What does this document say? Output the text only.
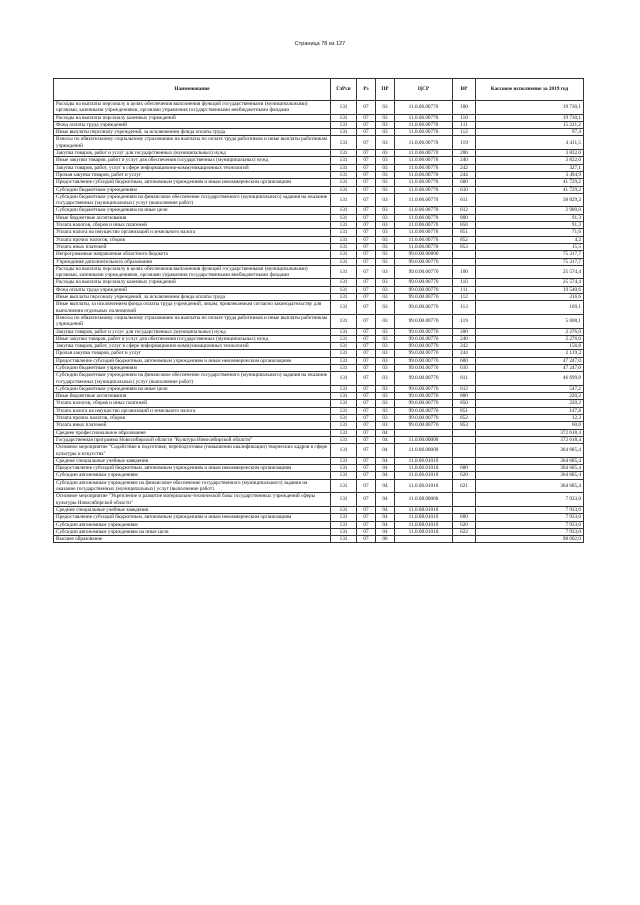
Страница 78 из 127
Наименование	ГлРсп	Рз	ПР	ЦСР	ВР	Кассовое исполнение за 2019 год
Расходы на выплаты персоналу в целях обеспечения выполнения функций государственными (муниципальными) органами, казенными учреждениями, органами управления государственными внебюджетными фондами	131	07	03	11.0.06.00770	100	19 730,1
Расходы на выплаты персоналу казенных учреждений	131	07	03	11.0.06.00770	110	19 730,1
Фонд оплаты труда учреждений	131	07	03	11.0.06.00770	111	15 221,2
Иные выплаты персоналу учреждений, за исключением фонда оплаты труда	131	07	03	11.0.06.00770	112	97,4
Взносы по обязательному социальному страхованию на выплаты по оплате труда работников и иные выплаты работникам учреждений	131	07	03	11.0.06.00770	119	4 411,5
Закупка товаров, работ и услуг для государственных (муниципальных) нужд	131	07	03	11.0.06.00770	200	3 822,0
Иные закупки товаров, работ и услуг для обеспечения государственных (муниципальных) нужд	131	07	03	11.0.06.00770	240	3 822,0
Закупка товаров, работ, услуг в сфере информационно-коммуникационных технологий	131	07	03	11.0.06.00770	242	327,1
Прочая закупка товаров, работ и услуг	131	07	03	11.0.06.00770	244	3 494,9
Предоставление субсидий бюджетным, автономным учреждениям и иным некоммерческим организациям	131	07	03	11.0.06.00770	600	41 729,2
Субсидии бюджетным учреждениям	131	07	03	11.0.06.00770	610	41 729,2
Субсидии бюджетным учреждениям на финансовое обеспечение государственного (муниципального) задания на оказание государственных (муниципальных) услуг (выполнение работ)	131	07	03	11.0.06.00770	611	38 829,2
Субсидии бюджетным учреждениям на иные цели	131	07	03	11.0.06.00770	612	2 900,0
Иные бюджетные ассигнования	131	07	03	11.0.06.00770	800	91,3
Уплата налогов, сборов и иных платежей	131	07	03	11.0.06.00770	850	91,3
Уплата налога на имущество организаций и земельного налога	131	07	03	11.0.06.00770	851	71,6
Уплата прочих налогов, сборов	131	07	03	11.0.06.00770	852	4,2
Уплата иных платежей	131	07	03	11.0.06.00770	853	15,5
Непрограммные направления областного бюджета	131	07	03	99.0.00.00000		75 317,7
Учреждения дополнительного образования	131	07	03	99.0.00.00770		75 317,7
Расходы на выплаты персоналу в целях обеспечения выполнения функций государственными (муниципальными) органами, казенными учреждениями, органами управления государственными внебюджетными фондами	131	07	03	99.0.00.00770	100	25 574,4
Расходы на выплаты персоналу казенных учреждений	131	07	03	99.0.00.00770	110	25 574,4
Фонд оплаты труда учреждений	131	07	03	99.0.00.00770	111	19 540,6
Иные выплаты персоналу учреждений, за исключением фонда оплаты труда	131	07	03	99.0.00.00770	112	316,6
Иные выплаты, за исключением фонда оплаты труда учреждений, лицам, привлекаемым согласно законодательству для выполнения отдельных полномочий	131	07	03	99.0.00.00770	113	109,1
Взносы по обязательному социальному страхованию на выплаты по оплате труда работников и иные выплаты работникам учреждений	131	07	03	99.0.00.00770	119	5 608,1
Закупка товаров, работ и услуг для государственных (муниципальных) нужд	131	07	03	99.0.00.00770	200	2 276,0
Иные закупки товаров, работ и услуг для обеспечения государственных (муниципальных) нужд	131	07	03	99.0.00.00770	240	2 276,0
Закупка товаров, работ, услуг в сфере информационно-коммуникационных технологий	131	07	03	99.0.00.00770	242	156,8
Прочая закупка товаров, работ и услуг	131	07	03	99.0.00.00770	244	2 119,3
Предоставление субсидий бюджетным, автономным учреждениям и иным некоммерческим организациям	131	07	03	99.0.00.00770	600	47 247,0
Субсидии бюджетным учреждениям	131	07	03	99.0.00.00770	610	47 247,0
Субсидии бюджетным учреждениям на финансовое обеспечение государственного (муниципального) задания на оказание государственных (муниципальных) услуг (выполнение работ)	131	07	03	99.0.00.00770	611	46 699,8
Субсидии бюджетным учреждениям на иные цели	131	07	03	99.0.00.00770	612	547,2
Иные бюджетные ассигнования	131	07	03	99.0.00.00770	800	220,2
Уплата налогов, сборов и иных платежей	131	07	03	99.0.00.00770	850	220,2
Уплата налога на имущество организаций и земельного налога	131	07	03	99.0.00.00770	851	147,8
Уплата прочих налогов, сборов	131	07	03	99.0.00.00770	852	12,3
Уплата иных платежей	131	07	03	99.0.00.00770	853	60,0
Среднее профессиональное образование	131	07	04			372 618,4
Государственная программа Новосибирской области "Культура Новосибирской области"	131	07	04	11.0.00.00000		372 618,4
Основное мероприятие "Содействие в подготовке, переподготовке (повышении квалификации) творческих кадров в сфере культуры и искусства"	131	07	04	11.0.06.00000		364 685,4
Средние специальные учебные заведения	131	07	04	11.0.06.01010		364 685,4
Предоставление субсидий бюджетным, автономным учреждениям и иным некоммерческим организациям	131	07	04	11.0.06.01010	600	364 685,4
Субсидии автономным учреждениям	131	07	04	11.0.06.01010	620	364 685,4
Субсидии автономным учреждениям на финансовое обеспечение государственного (муниципального) задания на оказание государственных (муниципальных) услуг (выполнение работ)	131	07	04	11.0.06.01010	621	364 685,4
Основное мероприятие "Укрепление и развитие материально-технической базы государственных учреждений сферы культуры Новосибирской области"	131	07	04	11.0.08.00000		7 933,0
Средние специальные учебные заведения	131	07	04	11.0.08.01010		7 933,0
Предоставление субсидий бюджетным, автономным учреждениям и иным некоммерческим организациям	131	07	04	11.0.08.01010	600	7 933,0
Субсидии автономным учреждениям	131	07	04	11.0.08.01010	620	7 933,0
Субсидии автономным учреждениям на иные цели	131	07	04	11.0.08.01010	622	7 933,0
Высшее образование	131	07	06			98 002,0
